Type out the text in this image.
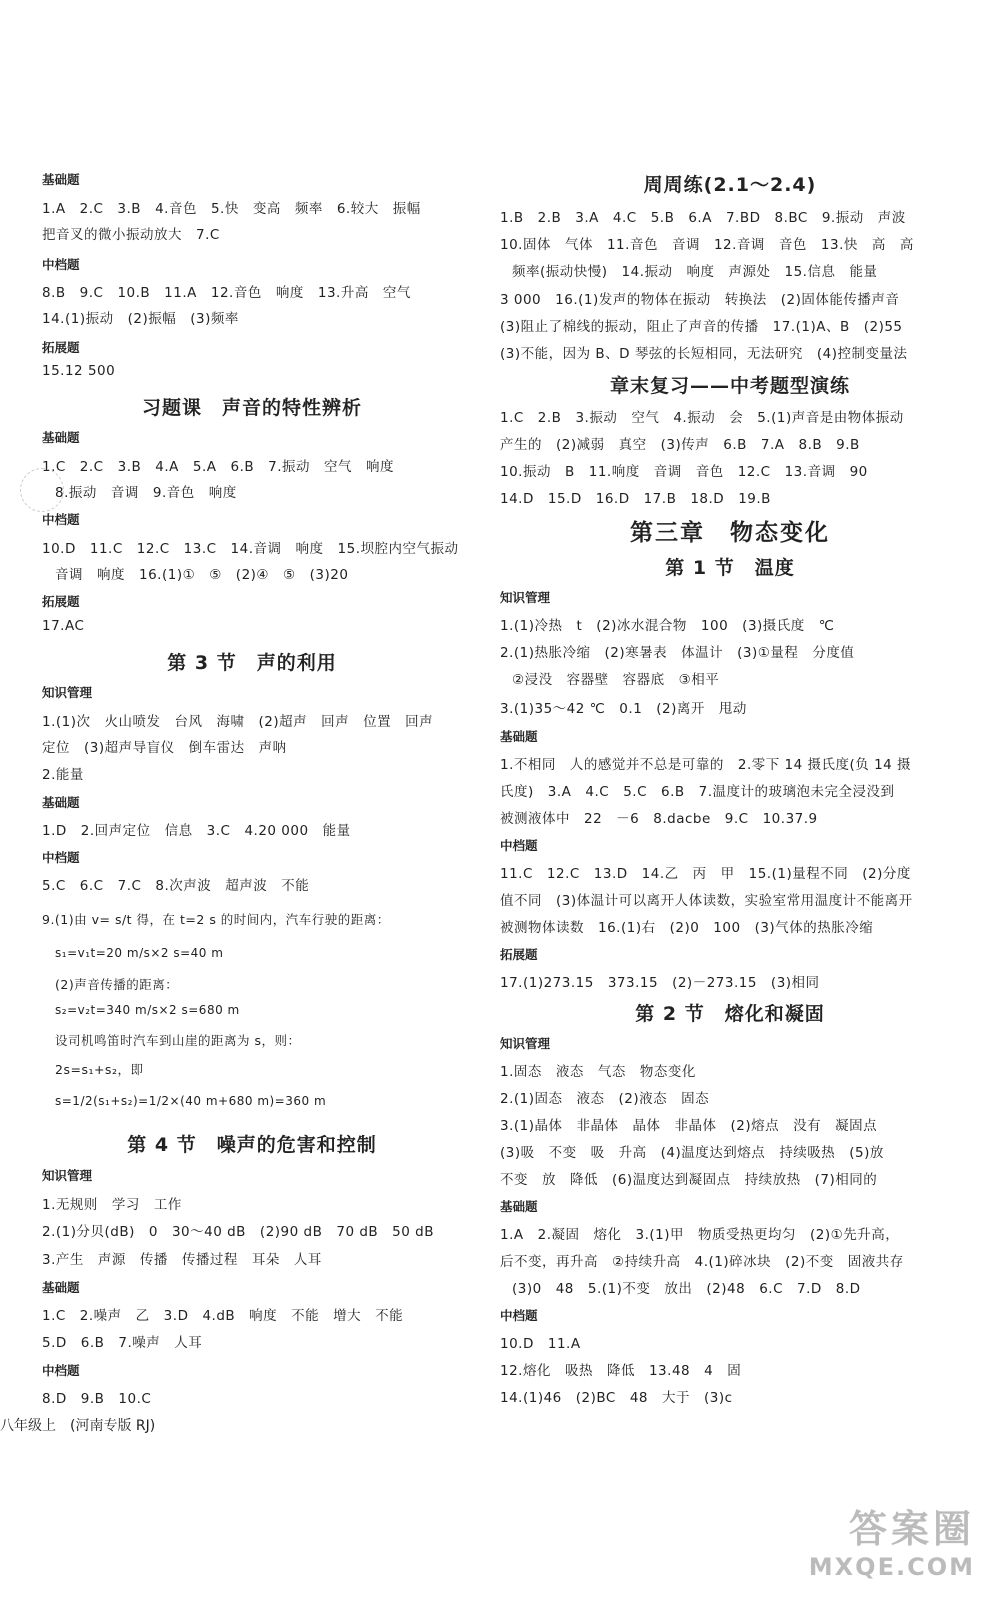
基础题
1.A　2.C　3.B　4.音色　5.快　变高　频率　6.较大　振幅
把音叉的微小振动放大　7.C
中档题
8.B　9.C　10.B　11.A　12.音色　响度　13.升高　空气
14.(1)振动　(2)振幅　(3)频率
拓展题
15.12 500
习题课　声音的特性辨析
基础题
1.C　2.C　3.B　4.A　5.A　6.B　7.振动　空气　响度
8.振动　音调　9.音色　响度
中档题
10.D　11.C　12.C　13.C　14.音调　响度　15.坝腔内空气振动
音调　响度　16.(1)①　⑤　(2)④　⑤　(3)20
拓展题
17.AC
第 3 节　声的利用
知识管理
1.(1)次　火山喷发　台风　海啸　(2)超声　回声　位置　回声
定位　(3)超声导盲仪　倒车雷达　声呐
2.能量
基础题
1.D　2.回声定位　信息　3.C　4.20 000　能量
中档题
5.C　6.C　7.C　8.次声波　超声波　不能
9.(1)由 v= s/t 得，在 t=2 s 的时间内，汽车行驶的距离：
s₁=v₁t=20 m/s×2 s=40 m
(2)声音传播的距离：
s₂=v₂t=340 m/s×2 s=680 m
设司机鸣笛时汽车到山崖的距离为 s，则：
2s=s₁+s₂，即
s=1/2(s₁+s₂)=1/2×(40 m+680 m)=360 m
第 4 节　噪声的危害和控制
知识管理
1.无规则　学习　工作
2.(1)分贝(dB)　0　30～40 dB　(2)90 dB　70 dB　50 dB
3.产生　声源　传播　传播过程　耳朵　人耳
基础题
1.C　2.噪声　乙　3.D　4.dB　响度　不能　增大　不能
5.D　6.B　7.噪声　人耳
中档题
8.D　9.B　10.C
八年级上　(河南专版 RJ)
周周练(2.1～2.4)
1.B　2.B　3.A　4.C　5.B　6.A　7.BD　8.BC　9.振动　声波
10.固体　气体　11.音色　音调　12.音调　音色　13.快　高　高
频率(振动快慢)　14.振动　响度　声源处　15.信息　能量
3 000　16.(1)发声的物体在振动　转换法　(2)固体能传播声音
(3)阻止了棉线的振动，阻止了声音的传播　17.(1)A、B　(2)55
(3)不能，因为 B、D 琴弦的长短相同，无法研究　(4)控制变量法
章末复习——中考题型演练
1.C　2.B　3.振动　空气　4.振动　会　5.(1)声音是由物体振动
产生的　(2)减弱　真空　(3)传声　6.B　7.A　8.B　9.B
10.振动　B　11.响度　音调　音色　12.C　13.音调　90
14.D　15.D　16.D　17.B　18.D　19.B
第三章　物态变化
第 1 节　温度
知识管理
1.(1)冷热　t　(2)冰水混合物　100　(3)摄氏度　℃
2.(1)热胀冷缩　(2)寒暑表　体温计　(3)①量程　分度值
②浸没　容器壁　容器底　③相平
3.(1)35～42 ℃　0.1　(2)离开　甩动
基础题
1.不相同　人的感觉并不总是可靠的　2.零下 14 摄氏度(负 14 摄
氏度)　3.A　4.C　5.C　6.B　7.温度计的玻璃泡未完全浸没到
被测液体中　22　－6　8.dacbe　9.C　10.37.9
中档题
11.C　12.C　13.D　14.乙　丙　甲　15.(1)量程不同　(2)分度
值不同　(3)体温计可以离开人体读数，实验室常用温度计不能离开
被测物体读数　16.(1)右　(2)0　100　(3)气体的热胀冷缩
拓展题
17.(1)273.15　373.15　(2)－273.15　(3)相同
第 2 节　熔化和凝固
知识管理
1.固态　液态　气态　物态变化
2.(1)固态　液态　(2)液态　固态
3.(1)晶体　非晶体　晶体　非晶体　(2)熔点　没有　凝固点
(3)吸　不变　吸　升高　(4)温度达到熔点　持续吸热　(5)放
不变　放　降低　(6)温度达到凝固点　持续放热　(7)相同的
基础题
1.A　2.凝固　熔化　3.(1)甲　物质受热更均匀　(2)①先升高，
后不变，再升高　②持续升高　4.(1)碎冰块　(2)不变　固液共存
(3)0　48　5.(1)不变　放出　(2)48　6.C　7.D　8.D
中档题
10.D　11.A
12.熔化　吸热　降低　13.48　4　固
14.(1)46　(2)BC　48　大于　(3)c
答案圈
MXQE.COM
